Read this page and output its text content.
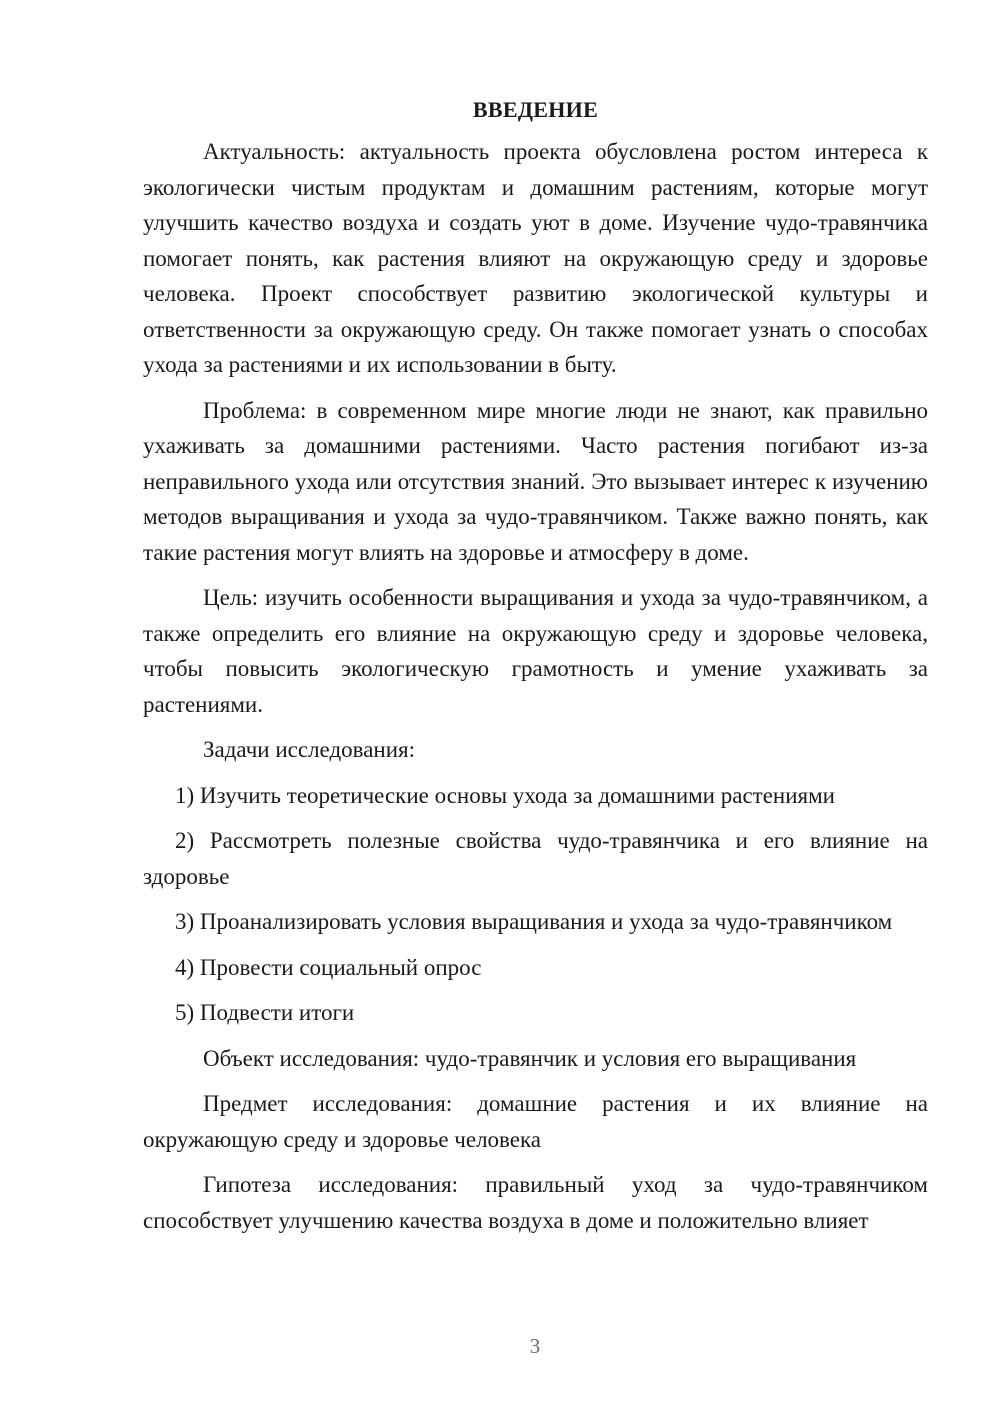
ВВЕДЕНИЕ

Актуальность: актуальность проекта обусловлена ростом интереса к экологически чистым продуктам и домашним растениям, которые могут улучшить качество воздуха и создать уют в доме. Изучение чудо-травянчика помогает понять, как растения влияют на окружающую среду и здоровье человека. Проект способствует развитию экологической культуры и ответственности за окружающую среду. Он также помогает узнать о способах ухода за растениями и их использовании в быту.

Проблема: в современном мире многие люди не знают, как правильно ухаживать за домашними растениями. Часто растения погибают из-за неправильного ухода или отсутствия знаний. Это вызывает интерес к изучению методов выращивания и ухода за чудо-травянчиком. Также важно понять, как такие растения могут влиять на здоровье и атмосферу в доме.

Цель: изучить особенности выращивания и ухода за чудо-травянчиком, а также определить его влияние на окружающую среду и здоровье человека, чтобы повысить экологическую грамотность и умение ухаживать за растениями.

Задачи исследования:

1) Изучить теоретические основы ухода за домашними растениями

2) Рассмотреть полезные свойства чудо-травянчика и его влияние на здоровье

3) Проанализировать условия выращивания и ухода за чудо-травянчиком

4) Провести социальный опрос

5) Подвести итоги

Объект исследования: чудо-травянчик и условия его выращивания

Предмет исследования: домашние растения и их влияние на окружающую среду и здоровье человека

Гипотеза исследования: правильный уход за чудо-травянчиком способствует улучшению качества воздуха в доме и положительно влияет

3
